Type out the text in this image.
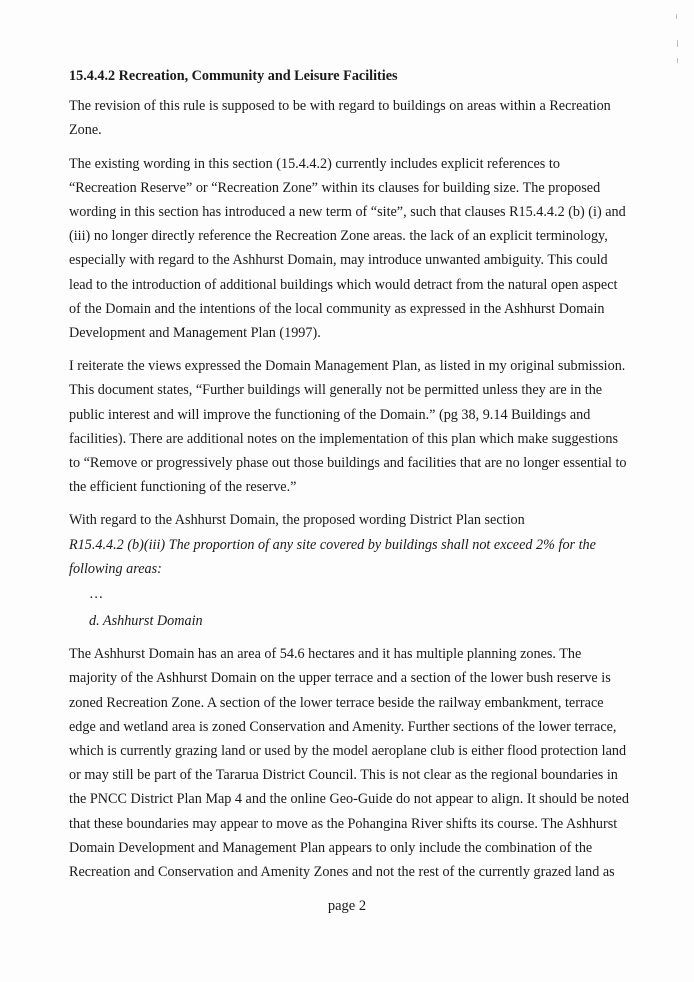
15.4.4.2 Recreation, Community and Leisure Facilities

The revision of this rule is supposed to be with regard to buildings on areas within a Recreation Zone.

The existing wording in this section (15.4.4.2) currently includes explicit references to “Recreation Reserve” or “Recreation Zone” within its clauses for building size. The proposed wording in this section has introduced a new term of “site”, such that clauses R15.4.4.2 (b) (i) and (iii) no longer directly reference the Recreation Zone areas. the lack of an explicit terminology, especially with regard to the Ashhurst Domain, may introduce unwanted ambiguity. This could lead to the introduction of additional buildings which would detract from the natural open aspect of the Domain and the intentions of the local community as expressed in the Ashhurst Domain Development and Management Plan (1997).

I reiterate the views expressed the Domain Management Plan, as listed in my original submission. This document states, “Further buildings will generally not be permitted unless they are in the public interest and will improve the functioning of the Domain.” (pg 38, 9.14 Buildings and facilities). There are additional notes on the implementation of this plan which make suggestions to “Remove or progressively phase out those buildings and facilities that are no longer essential to the efficient functioning of the reserve.”

With regard to the Ashhurst Domain, the proposed wording District Plan section

R15.4.4.2 (b)(iii) The proportion of any site covered by buildings shall not exceed 2% for the following areas:

…

d. Ashhurst Domain

The Ashhurst Domain has an area of 54.6 hectares and it has multiple planning zones. The majority of the Ashhurst Domain on the upper terrace and a section of the lower bush reserve is zoned Recreation Zone. A section of the lower terrace beside the railway embankment, terrace edge and wetland area is zoned Conservation and Amenity. Further sections of the lower terrace, which is currently grazing land or used by the model aeroplane club is either flood protection land or may still be part of the Tararua District Council. This is not clear as the regional boundaries in the PNCC District Plan Map 4 and the online Geo-Guide do not appear to align. It should be noted that these boundaries may appear to move as the Pohangina River shifts its course. The Ashhurst Domain Development and Management Plan appears to only include the combination of the Recreation and Conservation and Amenity Zones and not the rest of the currently grazed land as

page 2
